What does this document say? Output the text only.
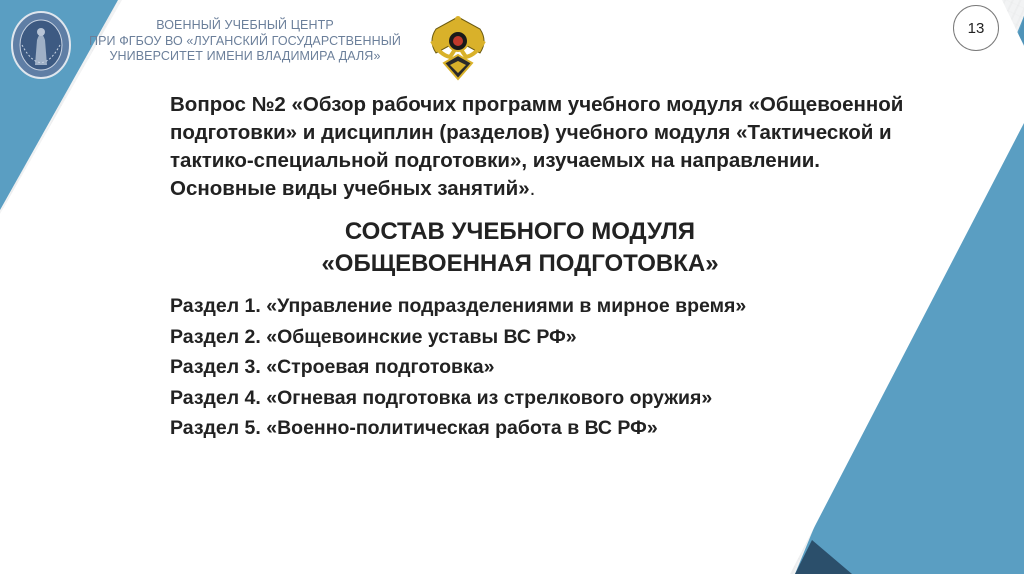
ВОЕННЫЙ УЧЕБНЫЙ ЦЕНТР
ПРИ ФГБОУ ВО «ЛУГАНСКИЙ ГОСУДАРСТВЕННЫЙ
УНИВЕРСИТЕТ ИМЕНИ ВЛАДИМИРА ДАЛЯ»
13
Вопрос №2 «Обзор рабочих программ учебного модуля «Общевоенной
подготовки» и дисциплин (разделов) учебного модуля «Тактической и
тактико-специальной подготовки», изучаемых на направлении.
Основные виды учебных занятий».
СОСТАВ УЧЕБНОГО МОДУЛЯ
«ОБЩЕВОЕННАЯ ПОДГОТОВКА»
Раздел 1. «Управление подразделениями в мирное время»
Раздел 2. «Общевоинские уставы ВС РФ»
Раздел 3. «Строевая подготовка»
Раздел 4. «Огневая подготовка из стрелкового оружия»
Раздел 5. «Военно-политическая работа в ВС РФ»
